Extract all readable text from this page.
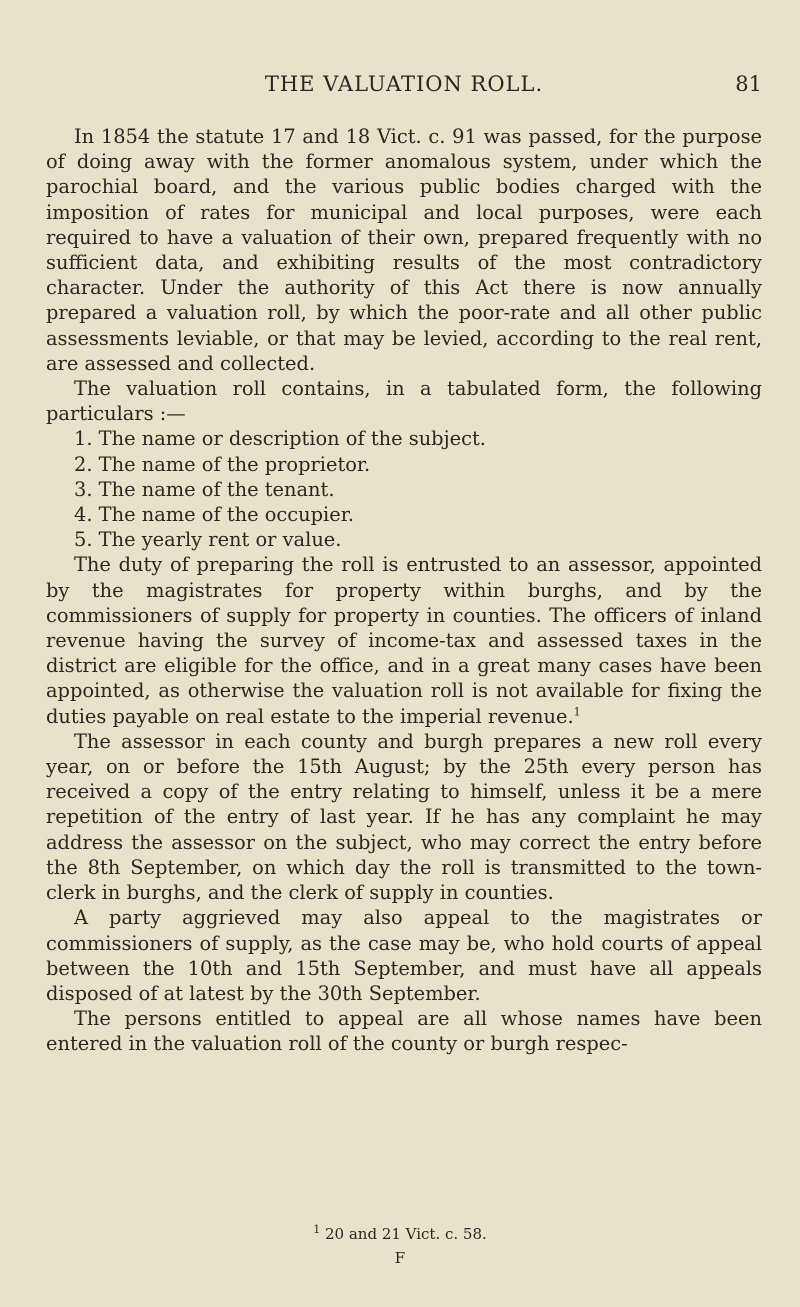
THE VALUATION ROLL.	81

In 1854 the statute 17 and 18 Vict. c. 91 was passed, for the purpose of doing away with the former anomalous system, under which the parochial board, and the various public bodies charged with the imposition of rates for municipal and local purposes, were each required to have a valuation of their own, prepared frequently with no sufficient data, and exhibiting results of the most contradictory character. Under the authority of this Act there is now annually prepared a valuation roll, by which the poor-rate and all other public assessments leviable, or that may be levied, according to the real rent, are assessed and collected.

The valuation roll contains, in a tabulated form, the following particulars :—

1. The name or description of the subject.

2. The name of the proprietor.

3. The name of the tenant.

4. The name of the occupier.

5. The yearly rent or value.

The duty of preparing the roll is entrusted to an assessor, appointed by the magistrates for property within burghs, and by the commissioners of supply for property in counties. The officers of inland revenue having the survey of income-tax and assessed taxes in the district are eligible for the office, and in a great many cases have been appointed, as otherwise the valuation roll is not available for fixing the duties payable on real estate to the imperial revenue.$^1$

The assessor in each county and burgh prepares a new roll every year, on or before the 15th August; by the 25th every person has received a copy of the entry relating to himself, unless it be a mere repetition of the entry of last year. If he has any complaint he may address the assessor on the subject, who may correct the entry before the 8th September, on which day the roll is transmitted to the town-clerk in burghs, and the clerk of supply in counties.

A party aggrieved may also appeal to the magistrates or commissioners of supply, as the case may be, who hold courts of appeal between the 10th and 15th September, and must have all appeals disposed of at latest by the 30th September.

The persons entitled to appeal are all whose names have been entered in the valuation roll of the county or burgh respec-

$^1$ 20 and 21 Vict. c. 58.
F
